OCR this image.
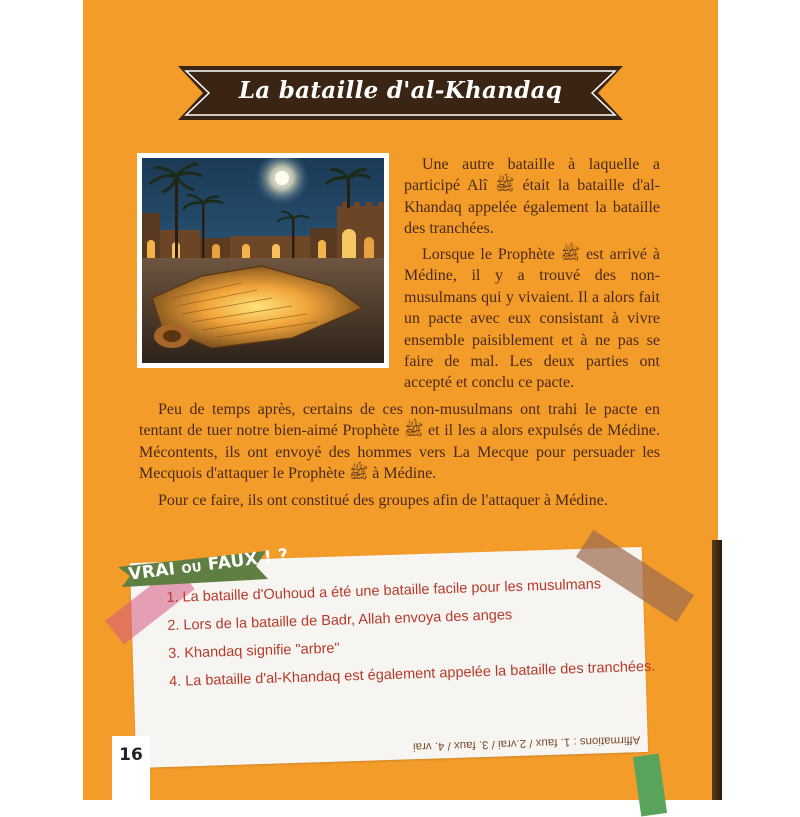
La bataille d'al-Khandaq
Une autre bataille à laquelle a participé Alî ﷺ était la bataille d'al-Khandaq appelée également la bataille des tranchées.
Lorsque le Prophète ﷺ est arrivé à Médine, il y a trouvé des non-musulmans qui y vivaient. Il a alors fait un pacte avec eux consistant à vivre ensemble paisiblement et à ne pas se faire de mal. Les deux parties ont accepté et conclu ce pacte.
Peu de temps après, certains de ces non-musulmans ont trahi le pacte en tentant de tuer notre bien-aimé Prophète ﷺ et il les a alors expulsés de Médine. Mécontents, ils ont envoyé des hommes vers La Mecque pour persuader les Mecquois d'attaquer le Prophète ﷺ à Médine.
Pour ce faire, ils ont constitué des groupes afin de l'attaquer à Médine.
VRAI OU FAUX ! ?
1. La bataille d'Ouhoud a été une bataille facile pour les musulmans
2. Lors de la bataille de Badr, Allah envoya des anges
3. Khandaq signifie "arbre"
4. La bataille d'al-Khandaq est également appelée la bataille des tranchées.
Affirmations : 1. faux / 2.vrai / 3. faux / 4. vrai
16
